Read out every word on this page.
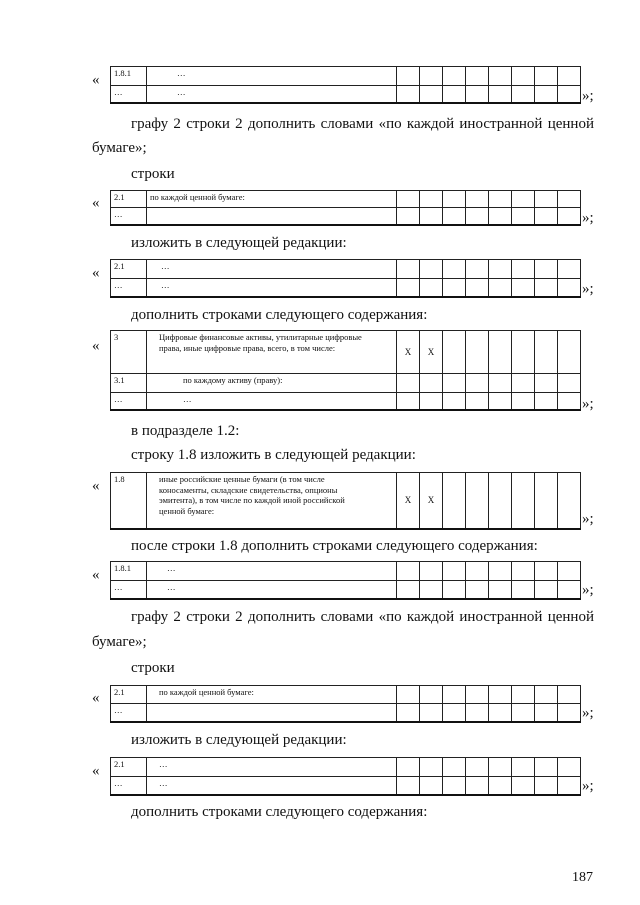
« 1.8.1	…								
…	…									»;
графу 2 строки 2 дополнить словами «по каждой иностранной ценной
бумаге»;
строки
« 2.1	по каждой ценной бумаге:								
…										»;
изложить в следующей редакции:
« 2.1	…								
…	…									»;
дополнить строками следующего содержания:
«
3	Цифровые финансовые активы, утилитарные цифровые права, иные цифровые права, всего, в том числе:	X	X						
3.1	по каждому активу (праву):								
…	…									»;
в подразделе 1.2:
строку 1.8 изложить в следующей редакции:
« 1.8	иные российские ценные бумаги (в том числе коносаменты, складские свидетельства, опционы эмитента), в том числе по каждой иной российской ценной бумаге:	X	X						
»;
после строки 1.8 дополнить строками следующего содержания:
« 1.8.1	…								
…	…									»;
графу 2 строки 2 дополнить словами «по каждой иностранной ценной
бумаге»;
строки
« 2.1	по каждой ценной бумаге:								
…										»;
изложить в следующей редакции:
« 2.1	…								
…	…									»;
дополнить строками следующего содержания:
187
